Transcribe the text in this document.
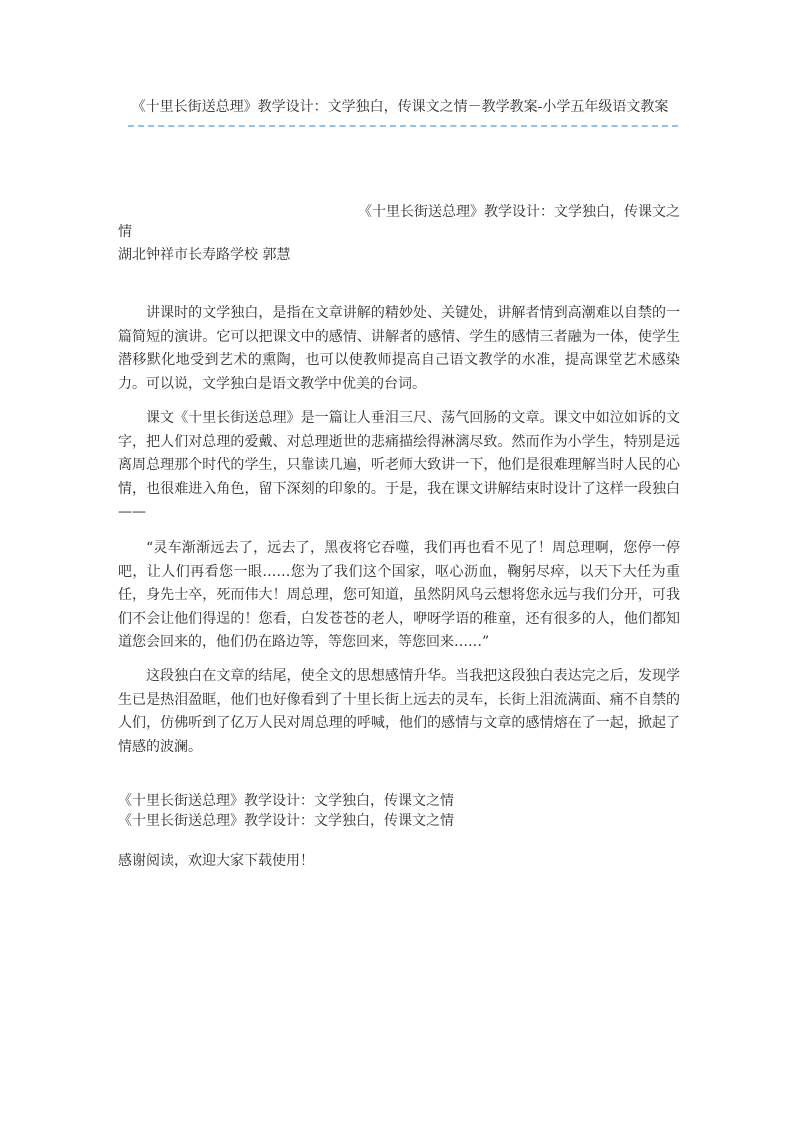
《十里长街送总理》教学设计：文学独白，传课文之情－教学教案-小学五年级语文教案
《十里长街送总理》教学设计：文学独白，传课文之
情
湖北钟祥市长寿路学校 郭慧

讲课时的文学独白，是指在文章讲解的精妙处、关键处，讲解者情到高潮难以自禁的一篇简短的演讲。它可以把课文中的感情、讲解者的感情、学生的感情三者融为一体，使学生潜移默化地受到艺术的熏陶，也可以使教师提高自己语文教学的水准，提高课堂艺术感染力。可以说，文学独白是语文教学中优美的台词。

课文《十里长街送总理》是一篇让人垂泪三尺、荡气回肠的文章。课文中如泣如诉的文字，把人们对总理的爱戴、对总理逝世的悲痛描绘得淋漓尽致。然而作为小学生，特别是远离周总理那个时代的学生，只靠读几遍，听老师大致讲一下，他们是很难理解当时人民的心情，也很难进入角色，留下深刻的印象的。于是，我在课文讲解结束时设计了这样一段独白——

“灵车渐渐远去了，远去了，黑夜将它吞噬，我们再也看不见了！周总理啊，您停一停吧，让人们再看您一眼……您为了我们这个国家，呕心沥血，鞠躬尽瘁，以天下大任为重任，身先士卒，死而伟大！周总理，您可知道，虽然阴风乌云想将您永远与我们分开，可我们不会让他们得逞的！您看，白发苍苍的老人，咿呀学语的稚童，还有很多的人，他们都知道您会回来的，他们仍在路边等，等您回来，等您回来……”

这段独白在文章的结尾，使全文的思想感情升华。当我把这段独白表达完之后，发现学生已是热泪盈眶，他们也好像看到了十里长街上远去的灵车，长街上泪流满面、痛不自禁的人们，仿佛听到了亿万人民对周总理的呼喊，他们的感情与文章的感情熔在了一起，掀起了情感的波澜。

《十里长街送总理》教学设计：文学独白，传课文之情
《十里长街送总理》教学设计：文学独白，传课文之情
感谢阅读，欢迎大家下载使用！
